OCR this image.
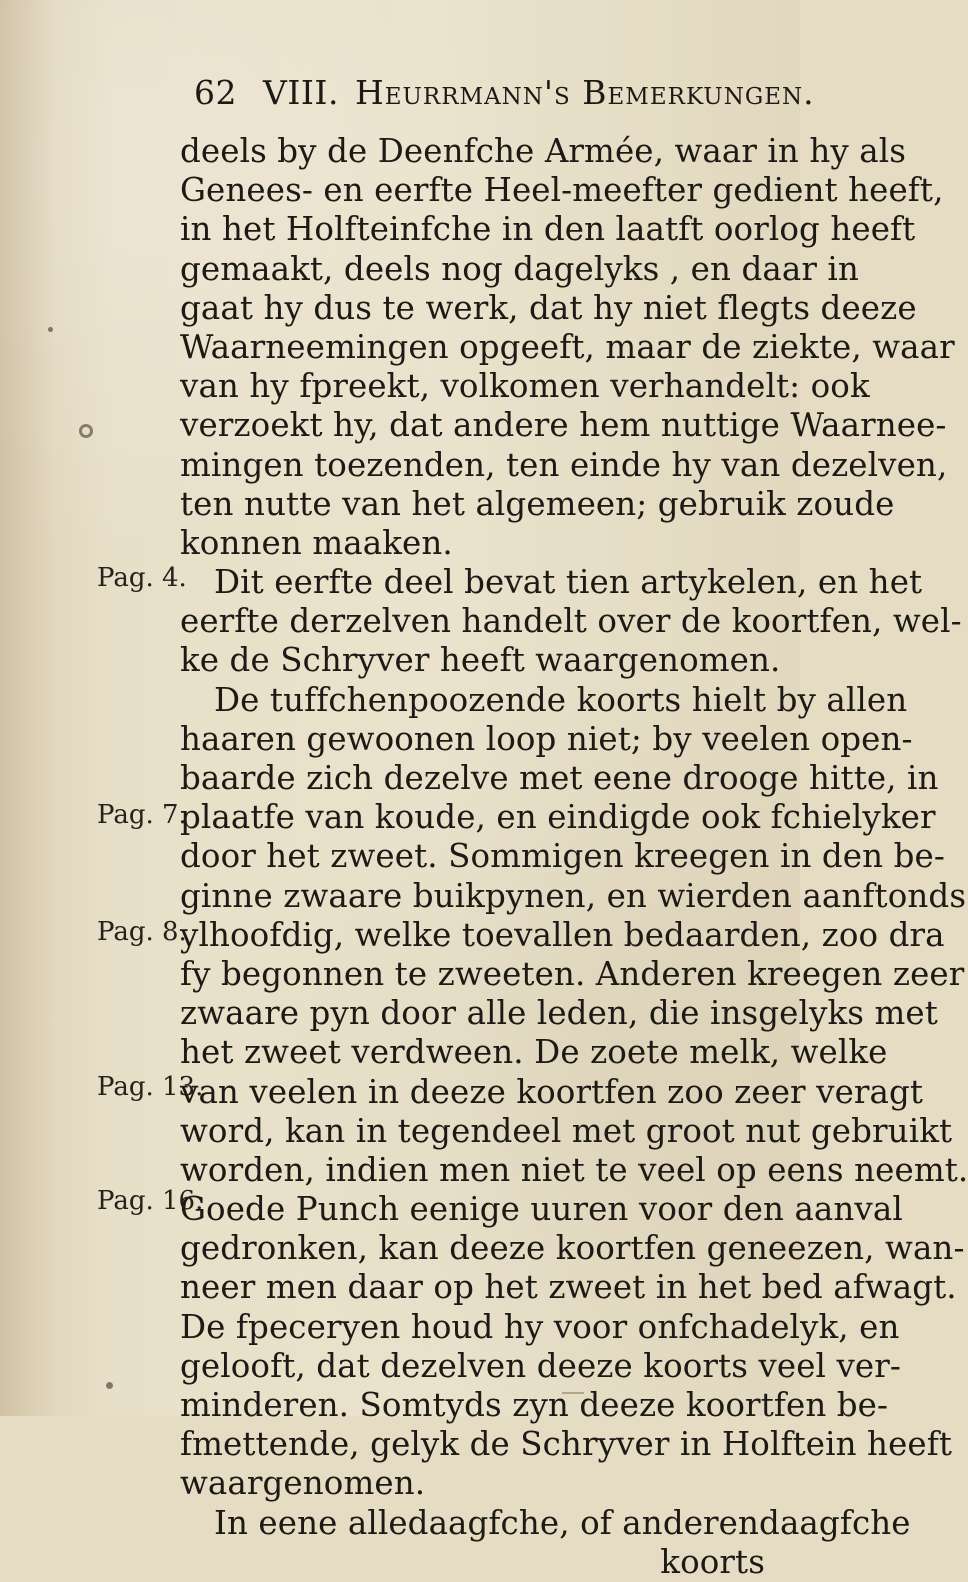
62 VIII. Heurrmann's Bemerkungen.
Pag. 4.
Pag. 7.
Pag. 8.
Pag. 13.
Pag. 16.
deels by de Deenfche Armée, waar in hy als
Genees- en eerfte Heel-meefter gedient heeft,
in het Holfteinfche in den laatft oorlog heeft
gemaakt, deels nog dagelyks , en daar in
gaat hy dus te werk, dat hy niet flegts deeze
Waarneemingen opgeeft, maar de ziekte, waar
van hy fpreekt, volkomen verhandelt: ook
verzoekt hy, dat andere hem nuttige Waarnee-
mingen toezenden, ten einde hy van dezelven,
ten nutte van het algemeen; gebruik zoude
konnen maaken.
Dit eerfte deel bevat tien artykelen, en het
eerfte derzelven handelt over de koortfen, wel-
ke de Schryver heeft waargenomen.
De tuffchenpoozende koorts hielt by allen
haaren gewoonen loop niet; by veelen open-
baarde zich dezelve met eene drooge hitte, in
plaatfe van koude, en eindigde ook fchielyker
door het zweet. Sommigen kreegen in den be-
ginne zwaare buikpynen, en wierden aanftonds
ylhoofdig, welke toevallen bedaarden, zoo dra
fy begonnen te zweeten. Anderen kreegen zeer
zwaare pyn door alle leden, die insgelyks met
het zweet verdween. De zoete melk, welke
van veelen in deeze koortfen zoo zeer veragt
word, kan in tegendeel met groot nut gebruikt
worden, indien men niet te veel op eens neemt.
Goede Punch eenige uuren voor den aanval
gedronken, kan deeze koortfen geneezen, wan-
neer men daar op het zweet in het bed afwagt.
De fpeceryen houd hy voor onfchadelyk, en
gelooft, dat dezelven deeze koorts veel ver-
minderen. Somtyds zyn deeze koortfen be-
fmettende, gelyk de Schryver in Holftein heeft
waargenomen.
In eene alledaagfche, of anderendaagfche
koorts
